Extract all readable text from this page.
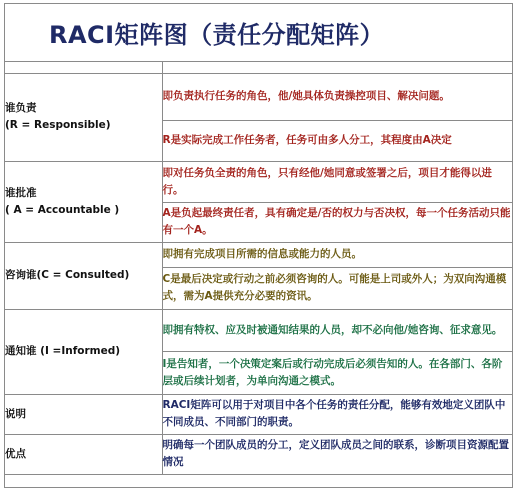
RACI矩阵图（责任分配矩阵）
谁负责
(R = Responsible)	即负责执行任务的角色，他/她具体负责操控项目、解决问题。
	R是实际完成工作任务者，任务可由多人分工，其程度由A决定

谁批准
( A = Accountable )	即对任务负全责的角色，只有经他/她同意或签署之后，项目才能得以进行。
	A是负起最终责任者，具有确定是/否的权力与否决权，每一个任务活动只能有一个A。

咨询谁(C = Consulted)	即拥有完成项目所需的信息或能力的人员。
	C是最后决定或行动之前必须咨询的人。可能是上司或外人；为双向沟通模式，需为A提供充分必要的资讯。

通知谁 (I =Informed)	即拥有特权、应及时被通知结果的人员，却不必向他/她咨询、征求意见。
	I是告知者，一个决策定案后或行动完成后必须告知的人。在各部门、各阶层或后续计划者，为单向沟通之模式。

说明	RACI矩阵可以用于对项目中各个任务的责任分配，能够有效地定义团队中不同成员、不同部门的职责。

优点	明确每一个团队成员的分工，定义团队成员之间的联系，诊断项目资源配置情况
